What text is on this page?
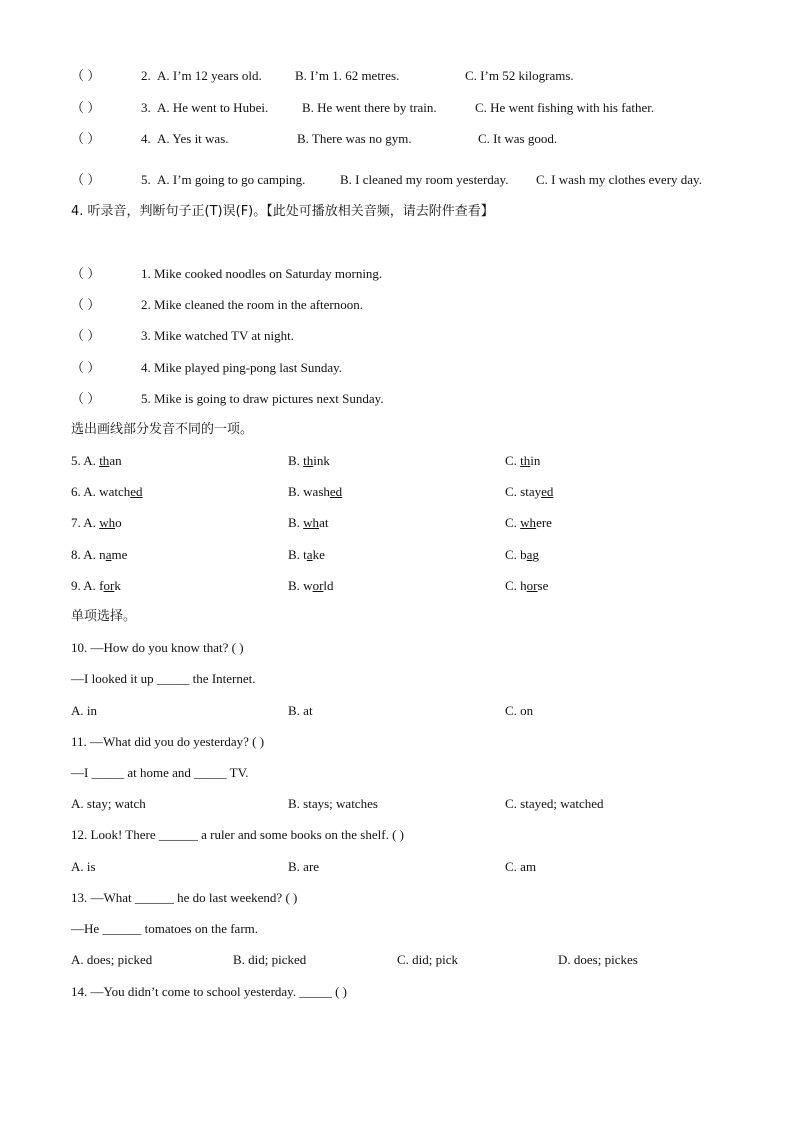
（ ）	2. A. I’m 12 years old.	B. I’m 1. 62 metres.	C. I’m 52 kilograms.
（ ）	3. A. He went to Hubei.	B. He went there by train.	C. He went fishing with his father.
（ ）	4. A. Yes it was.	B. There was no gym.	C. It was good.
（ ）	5. A. I’m going to go camping.	B. I cleaned my room yesterday. C. I wash my clothes every day.
4. 听录音，判断句子正(T)误(F)。【此处可播放相关音频，请去附件查看】
（ ）	1. Mike cooked noodles on Saturday morning.
（ ）	2. Mike cleaned the room in the afternoon.
（ ）	3. Mike watched TV at night.
（ ）	4. Mike played ping-pong last Sunday.
（ ）	5. Mike is going to draw pictures next Sunday.
选出画线部分发音不同的一项。
5. A. than	B. think	C. thin
6. A. watched	B. washed	C. stayed
7. A. who	B. what	C. where
8. A. name	B. take	C. bag
9. A. fork	B. world	C. horse
单项选择。
10. —How do you know that? ( )
—I looked it up _____ the Internet.
A. in	B. at	C. on
11. —What did you do yesterday? ( )
—I _____ at home and _____ TV.
A. stay; watch	B. stays; watches	C. stayed; watched
12. Look! There ______ a ruler and some books on the shelf. ( )
A. is	B. are	C. am
13. —What ______ he do last weekend? ( )
—He ______ tomatoes on the farm.
A. does; picked	B. did; picked	C. did; pick	D. does; pickes
14. —You didn’t come to school yesterday. _____ ( )
